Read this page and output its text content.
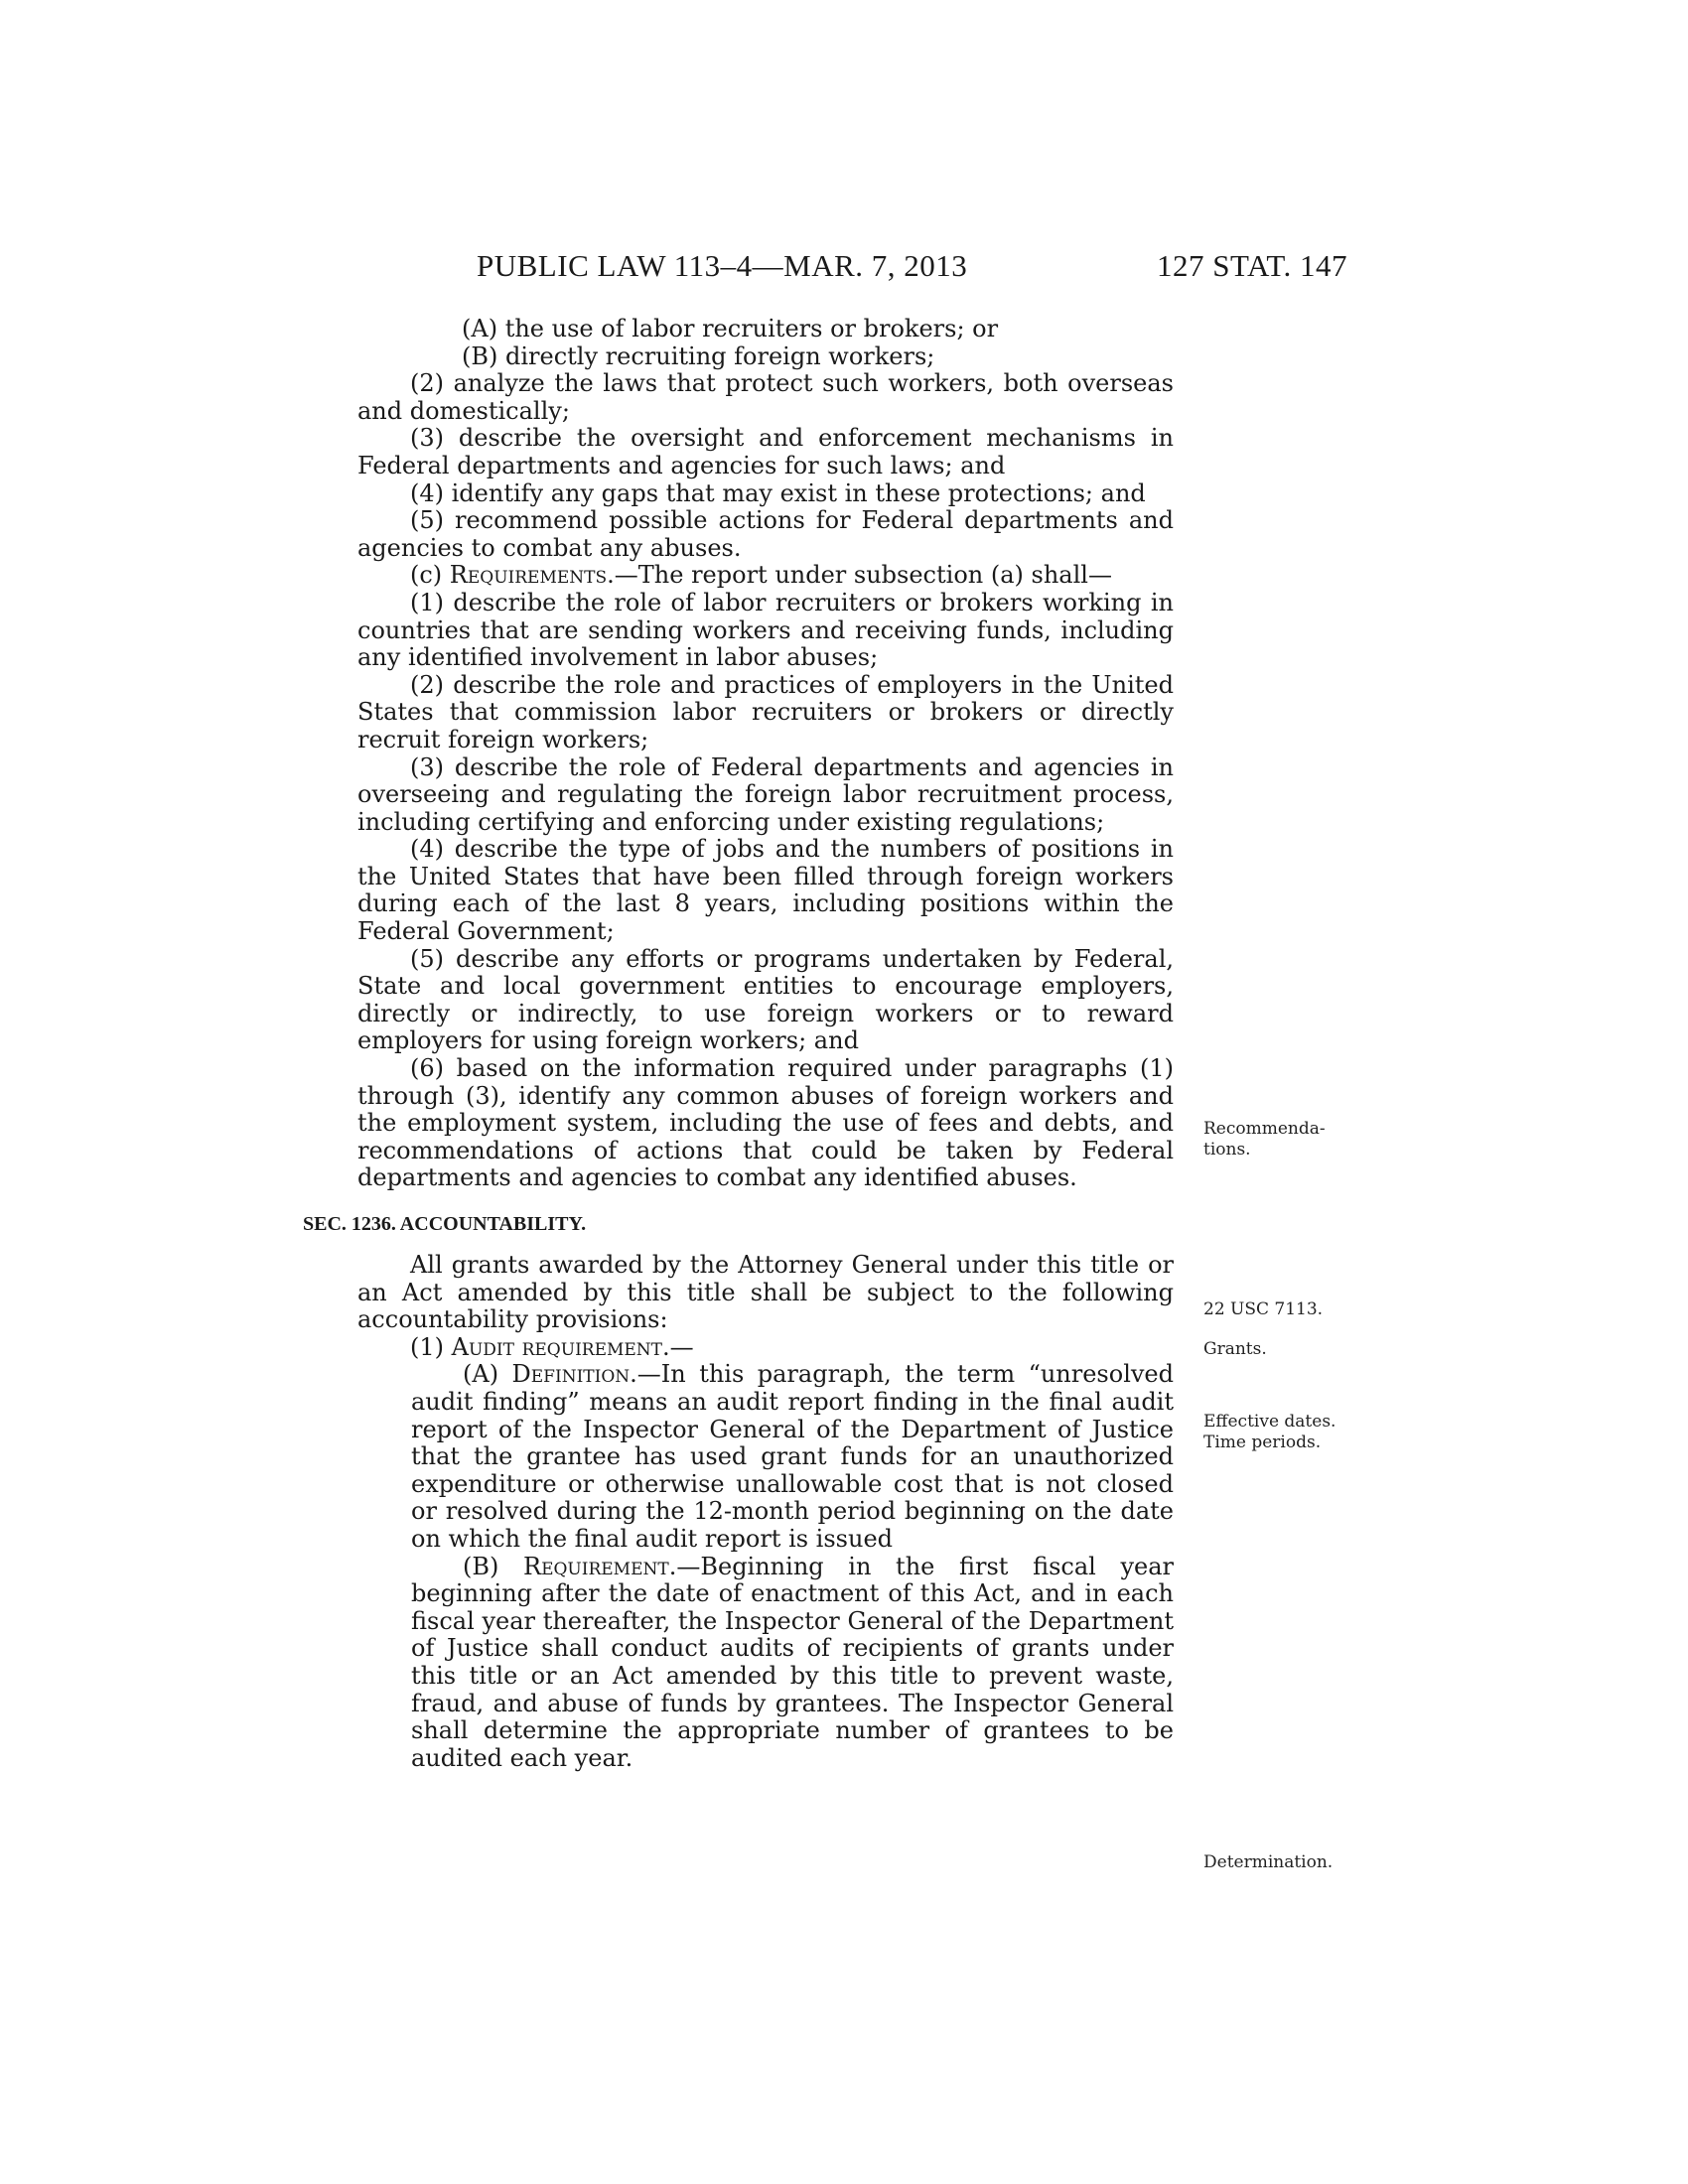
PUBLIC LAW 113–4—MAR. 7, 2013	127 STAT. 147

(A) the use of labor recruiters or brokers; or

(B) directly recruiting foreign workers;

(2) analyze the laws that protect such workers, both overseas and domestically;

(3) describe the oversight and enforcement mechanisms in Federal departments and agencies for such laws; and

(4) identify any gaps that may exist in these protections; and

(5) recommend possible actions for Federal departments and agencies to combat any abuses.

(c) Requirements.—The report under subsection (a) shall—

(1) describe the role of labor recruiters or brokers working in countries that are sending workers and receiving funds, including any identified involvement in labor abuses;

(2) describe the role and practices of employers in the United States that commission labor recruiters or brokers or directly recruit foreign workers;

(3) describe the role of Federal departments and agencies in overseeing and regulating the foreign labor recruitment process, including certifying and enforcing under existing regulations;

(4) describe the type of jobs and the numbers of positions in the United States that have been filled through foreign workers during each of the last 8 years, including positions within the Federal Government;

(5) describe any efforts or programs undertaken by Federal, State and local government entities to encourage employers, directly or indirectly, to use foreign workers or to reward employers for using foreign workers; and

(6) based on the information required under paragraphs (1) through (3), identify any common abuses of foreign workers and the employment system, including the use of fees and debts, and recommendations of actions that could be taken by Federal departments and agencies to combat any identified abuses.

SEC. 1236. ACCOUNTABILITY.

All grants awarded by the Attorney General under this title or an Act amended by this title shall be subject to the following accountability provisions:

(1) Audit requirement.—

(A) Definition.—In this paragraph, the term “unresolved audit finding” means an audit report finding in the final audit report of the Inspector General of the Department of Justice that the grantee has used grant funds for an unauthorized expenditure or otherwise unallowable cost that is not closed or resolved during the 12-month period beginning on the date on which the final audit report is issued

(B) Requirement.—Beginning in the first fiscal year beginning after the date of enactment of this Act, and in each fiscal year thereafter, the Inspector General of the Department of Justice shall conduct audits of recipients of grants under this title or an Act amended by this title to prevent waste, fraud, and abuse of funds by grantees. The Inspector General shall determine the appropriate number of grantees to be audited each year.

Recommenda-
tions.
22 USC 7113.
Grants.
Effective dates.
Time periods.
Determination.
